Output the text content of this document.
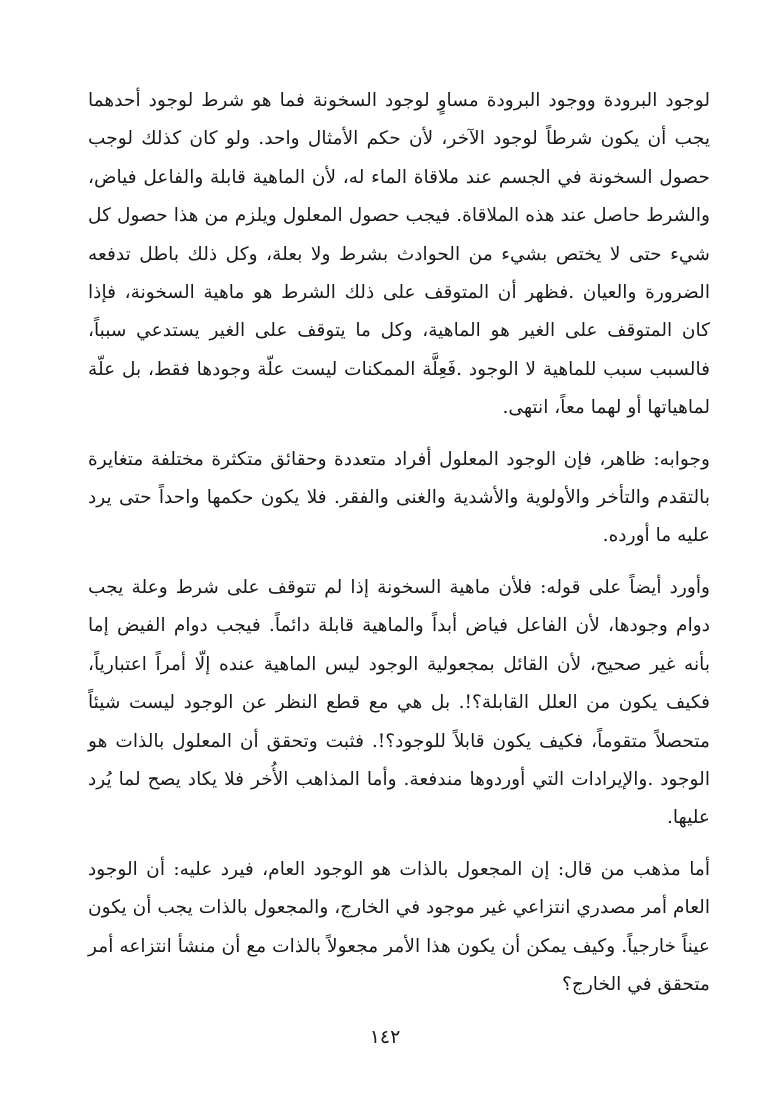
لوجود البرودة ووجود البرودة مساوٍ لوجود السخونة فما هو شرط لوجود أحدهما يجب أن يكون شرطاً لوجود الآخر، لأن حكم الأمثال واحد. ولو كان كذلك لوجب حصول السخونة في الجسم عند ملاقاة الماء له، لأن الماهية قابلة والفاعل فياض، والشرط حاصل عند هذه الملاقاة. فيجب حصول المعلول ويلزم من هذا حصول كل شيء حتى لا يختص بشيء من الحوادث بشرط ولا بعلة، وكل ذلك باطل تدفعه الضرورة والعيان .فظهر أن المتوقف على ذلك الشرط هو ماهية السخونة، فإذا كان المتوقف على الغير هو الماهية، وكل ما يتوقف على الغير يستدعي سبباً، فالسبب سبب للماهية لا الوجود .فَعِلَّة الممكنات ليست علّة وجودها فقط، بل علّة لماهياتها أو لهما معاً، انتهى.

وجوابه: ظاهر، فإن الوجود المعلول أفراد متعددة وحقائق متكثرة مختلفة متغايرة بالتقدم والتأخر والأولوية والأشدية والغنى والفقر. فلا يكون حكمها واحداً حتى يرد عليه ما أورده.

وأورد أيضاً على قوله: فلأن ماهية السخونة إذا لم تتوقف على شرط وعلة يجب دوام وجودها، لأن الفاعل فياض أبداً والماهية قابلة دائماً. فيجب دوام الفيض إما بأنه غير صحيح، لأن القائل بمجعولية الوجود ليس الماهية عنده إلّا أمراً اعتبارياً، فكيف يكون من العلل القابلة؟!. بل هي مع قطع النظر عن الوجود ليست شيئاً متحصلاً متقوماً، فكيف يكون قابلاً للوجود؟!. فثبت وتحقق أن المعلول بالذات هو الوجود .والإيرادات التي أوردوها مندفعة. وأما المذاهب الأُخر فلا يكاد يصح لما يُرد عليها.

أما مذهب من قال: إن المجعول بالذات هو الوجود العام، فيرد عليه: أن الوجود العام أمر مصدري انتزاعي غير موجود في الخارج، والمجعول بالذات يجب أن يكون عيناً خارجياً. وكيف يمكن أن يكون هذا الأمر مجعولاً بالذات مع أن منشأ انتزاعه أمر متحقق في الخارج؟

١٤٢
